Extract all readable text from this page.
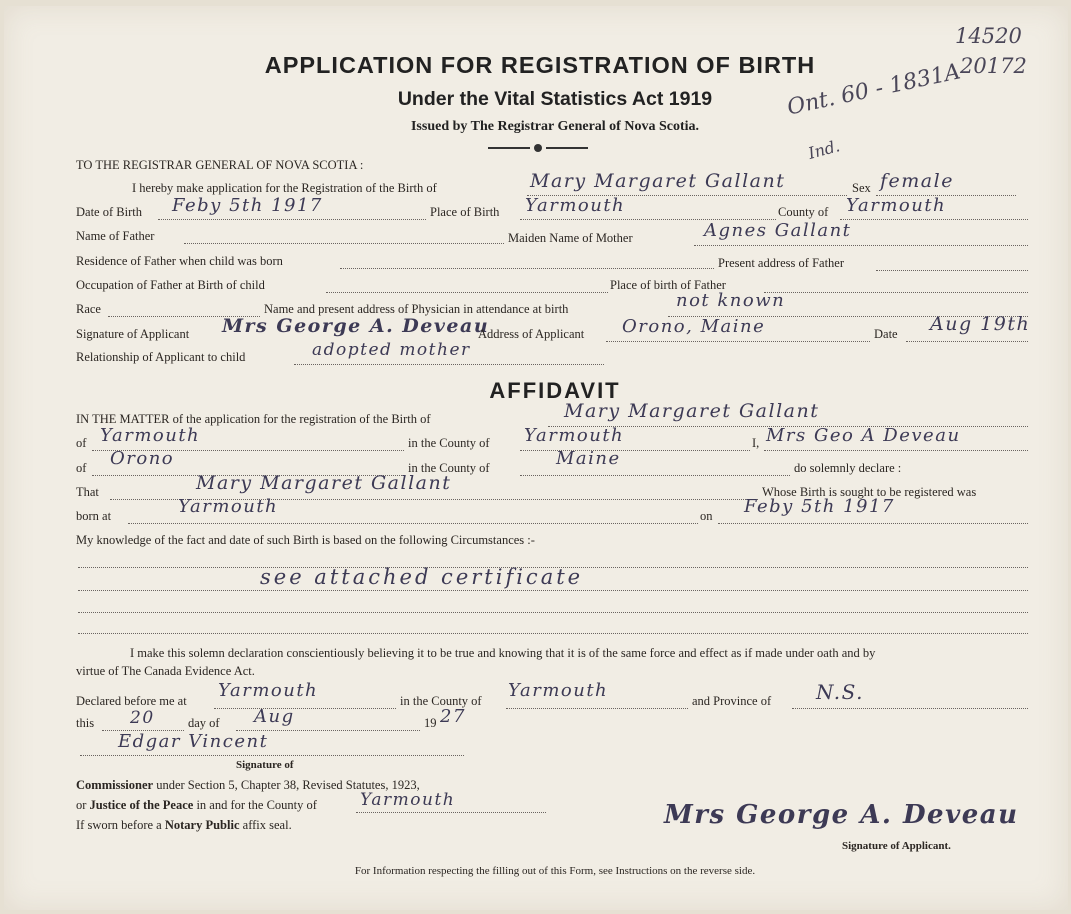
14520
20172
Ont. 60 - 1831A
Ind.
APPLICATION FOR REGISTRATION OF BIRTH
Under the Vital Statistics Act 1919
Issued by The Registrar General of Nova Scotia.
TO THE REGISTRAR GENERAL OF NOVA SCOTIA :
I hereby make application for the Registration of the Birth of	Mary Margaret Gallant	Sex female
Date of Birth Feby 5th 1917	Place of Birth Yarmouth	County of Yarmouth
Name of Father	Maiden Name of Mother	Agnes Gallant
Residence of Father when child was born	Present address of Father
Occupation of Father at Birth of child	Place of birth of Father
Race	Name and present address of Physician in attendance at birth	not known
Signature of Applicant Mrs George A. Deveau
Address of Applicant Orono, Maine	Date Aug 19th
Relationship of Applicant to child	adopted mother
AFFIDAVIT
IN THE MATTER of the application for the registration of the Birth of	Mary Margaret Gallant
of Yarmouth	in the County of Yarmouth	I, Mrs Geo A Deveau
of Orono	in the County of	Maine	do solemnly declare :
That	Mary Margaret Gallant	Whose Birth is sought to be registered was
born at	Yarmouth	on Feby 5th 1917
My knowledge of the fact and date of such Birth is based on the following Circumstances :-
see attached certificate
I make this solemn declaration conscientiously believing it to be true and knowing that it is of the same force and effect as if made under oath and by
virtue of The Canada Evidence Act.
Declared before me at Yarmouth	in the County of Yarmouth	and Province of N.S.
this 20	day of Aug	19 27
Edgar Vincent
Signature of
Commissioner under Section 5, Chapter 38, Revised Statutes, 1923,
or Justice of the Peace in and for the County of	Yarmouth
If sworn before a Notary Public affix seal.	Mrs George A. Deveau
Signature of Applicant.
For Information respecting the filling out of this Form, see Instructions on the reverse side.
